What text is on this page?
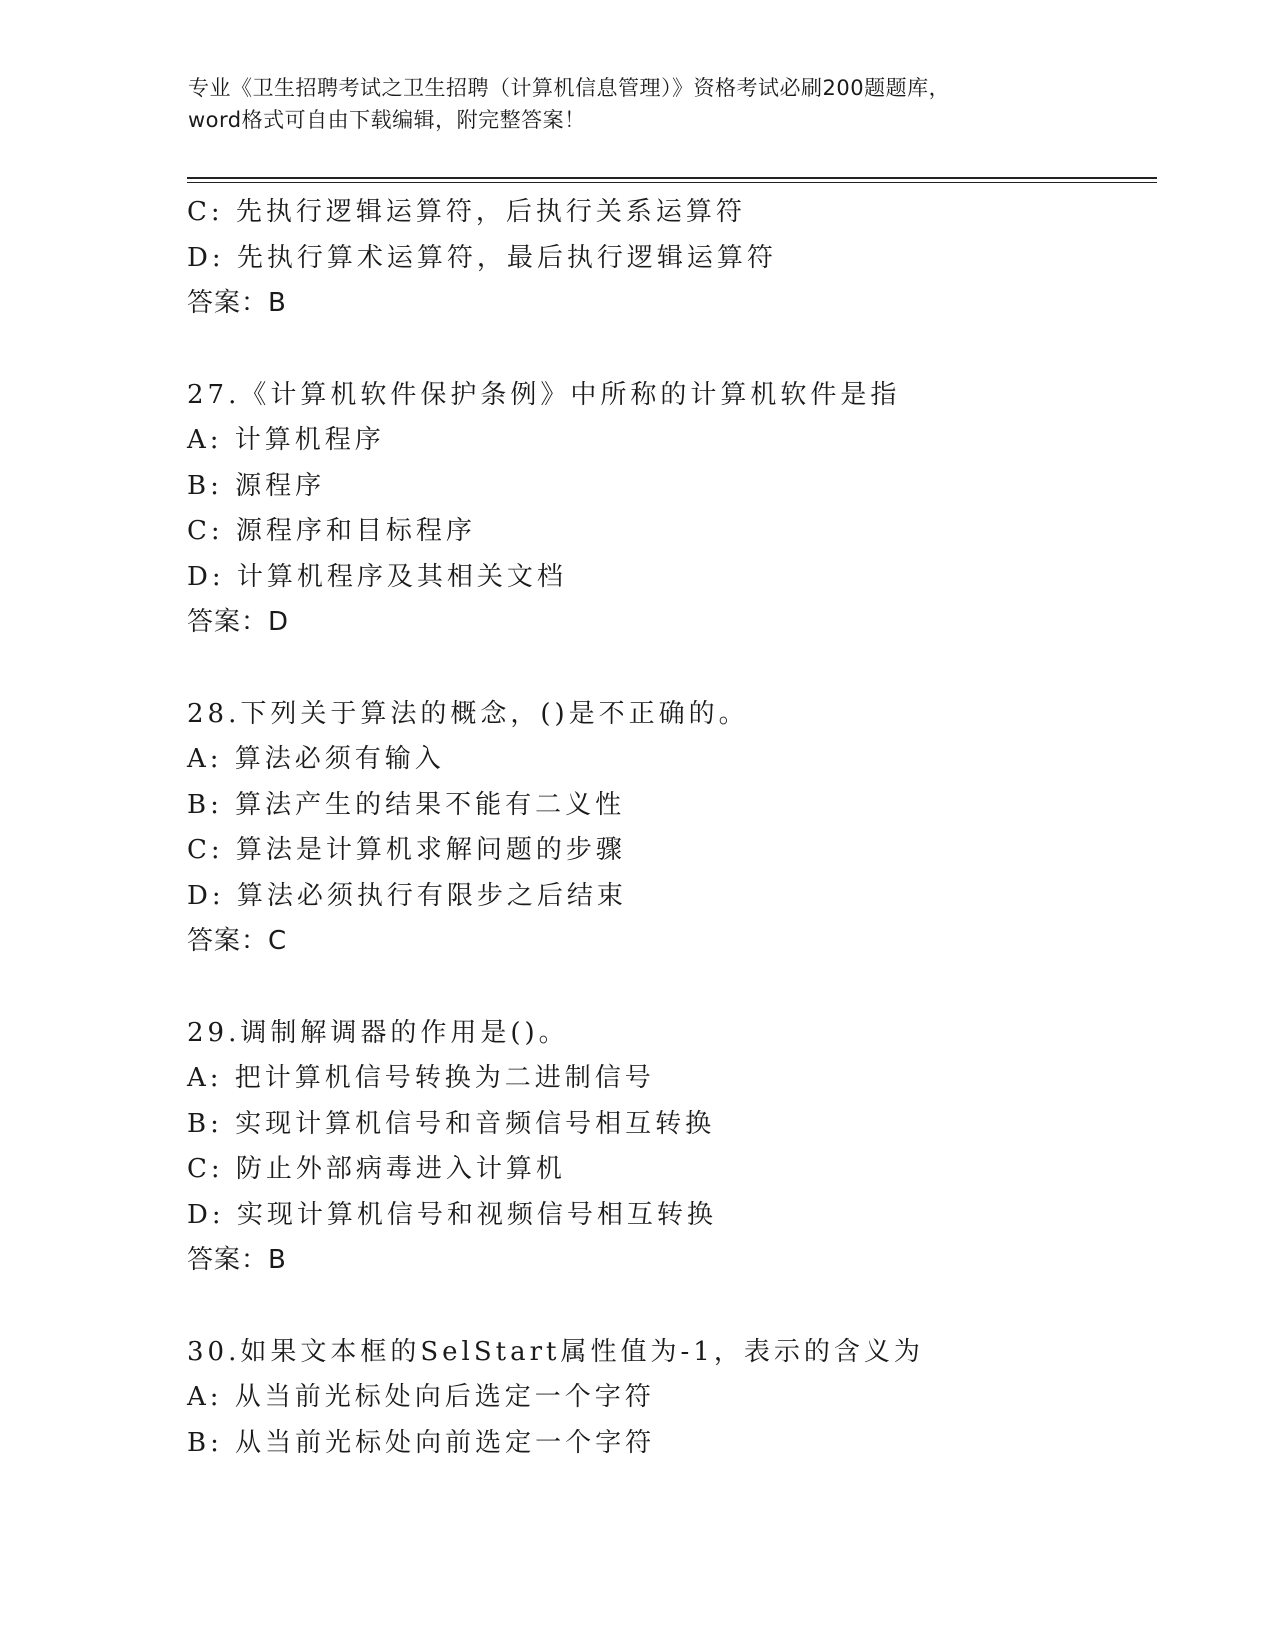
专业《卫生招聘考试之卫生招聘（计算机信息管理）》资格考试必刷200题题库，
word格式可自由下载编辑，附完整答案！
C: 先执行逻辑运算符，后执行关系运算符
D: 先执行算术运算符，最后执行逻辑运算符
答案：B
27.《计算机软件保护条例》中所称的计算机软件是指
A: 计算机程序
B: 源程序
C: 源程序和目标程序
D: 计算机程序及其相关文档
答案：D
28.下列关于算法的概念，()是不正确的。
A: 算法必须有输入
B: 算法产生的结果不能有二义性
C: 算法是计算机求解问题的步骤
D: 算法必须执行有限步之后结束
答案：C
29.调制解调器的作用是()。
A: 把计算机信号转换为二进制信号
B: 实现计算机信号和音频信号相互转换
C: 防止外部病毒进入计算机
D: 实现计算机信号和视频信号相互转换
答案：B
30.如果文本框的SelStart属性值为-1，表示的含义为
A: 从当前光标处向后选定一个字符
B: 从当前光标处向前选定一个字符
